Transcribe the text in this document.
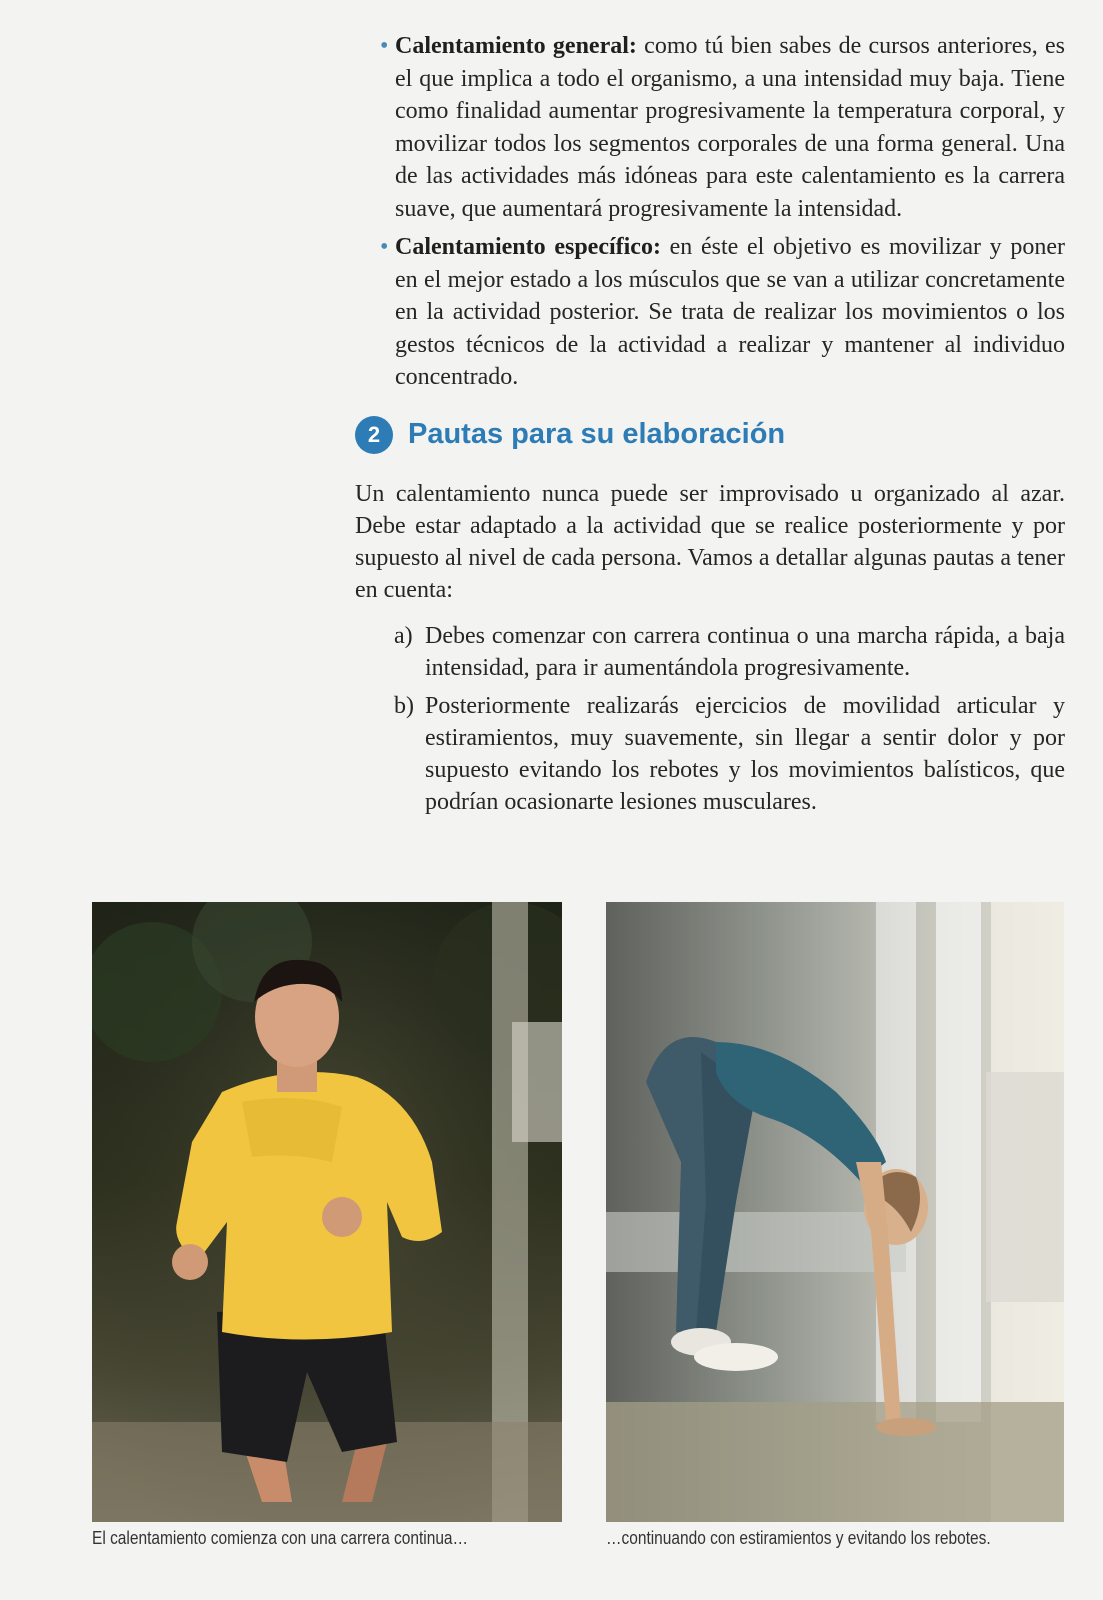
• Calentamiento general: como tú bien sabes de cursos anteriores, es el que implica a todo el organismo, a una intensidad muy baja. Tiene como finalidad aumentar progresivamente la temperatura corporal, y movilizar todos los segmentos corporales de una forma general. Una de las actividades más idóneas para este calentamiento es la carrera suave, que aumentará progresivamente la intensidad.
• Calentamiento específico: en éste el objetivo es movilizar y poner en el mejor estado a los músculos que se van a utilizar concretamente en la actividad posterior. Se trata de realizar los movimientos o los gestos técnicos de la actividad a realizar y mantener al individuo concentrado.
2 Pautas para su elaboración

Un calentamiento nunca puede ser improvisado u organizado al azar. Debe estar adaptado a la actividad que se realice posteriormente y por supuesto al nivel de cada persona. Vamos a detallar algunas pautas a tener en cuenta:

a) Debes comenzar con carrera continua o una marcha rápida, a baja intensidad, para ir aumentándola progresivamente.
b) Posteriormente realizarás ejercicios de movilidad articular y estiramientos, muy suavemente, sin llegar a sentir dolor y por supuesto evitando los rebotes y los movimientos balísticos, que podrían ocasionarte lesiones musculares.
El calentamiento comienza con una carrera continua…	…continuando con estiramientos y evitando los rebotes.
